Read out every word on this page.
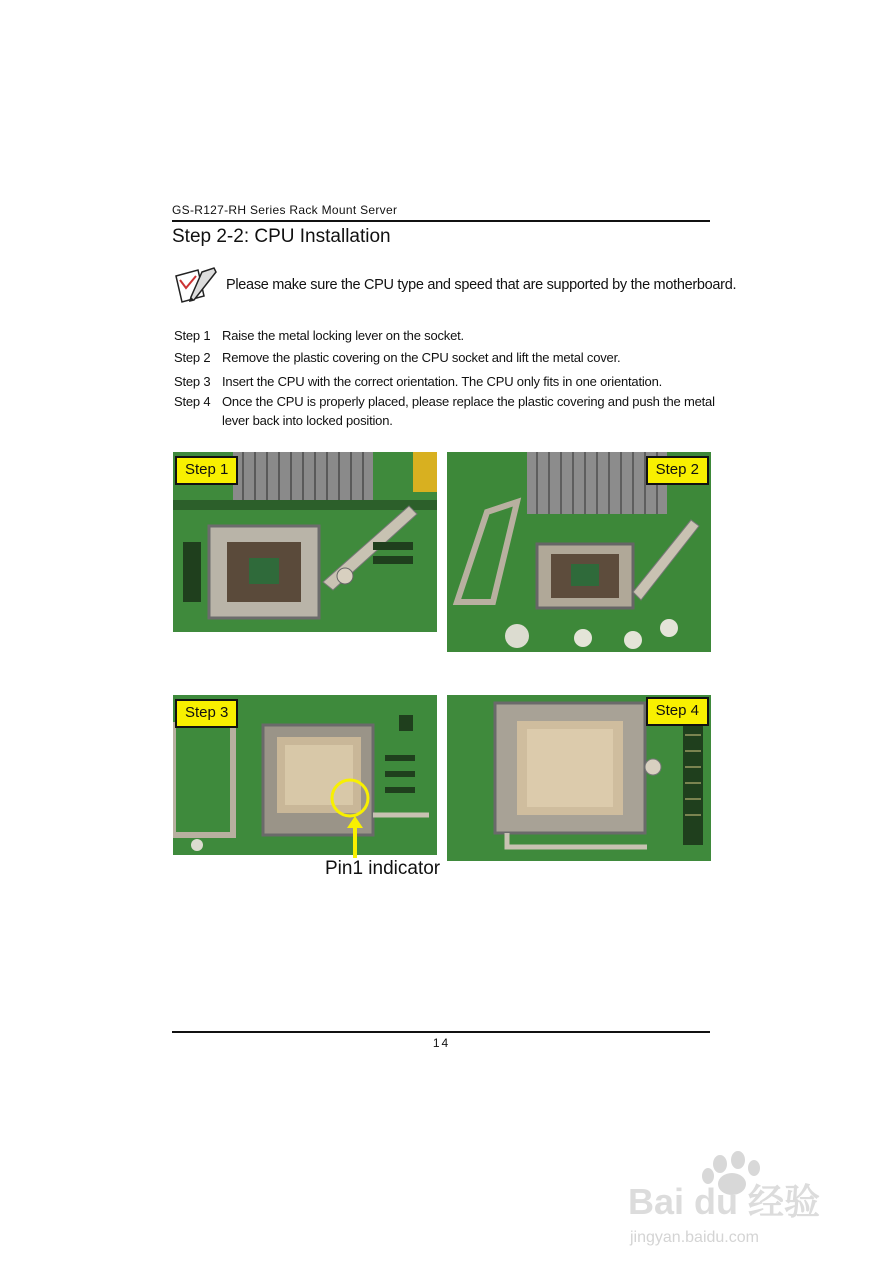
GS-R127-RH Series Rack Mount Server
Step 2-2: CPU Installation
Please make sure the CPU type and speed that are supported by the motherboard.
Step 1 Raise the metal locking lever on the socket.
Step 2 Remove the plastic covering on the CPU socket and lift the metal cover.
Step 3 Insert the CPU with the correct orientation. The CPU only fits in one orientation.
Step 4 Once the CPU is properly placed, please replace the plastic covering and push the metal
lever back into locked position.
Step 1	Step 2
Step 3
Pin1 indicator
Step 4
14
Bai du 经验
jingyan.baidu.com
